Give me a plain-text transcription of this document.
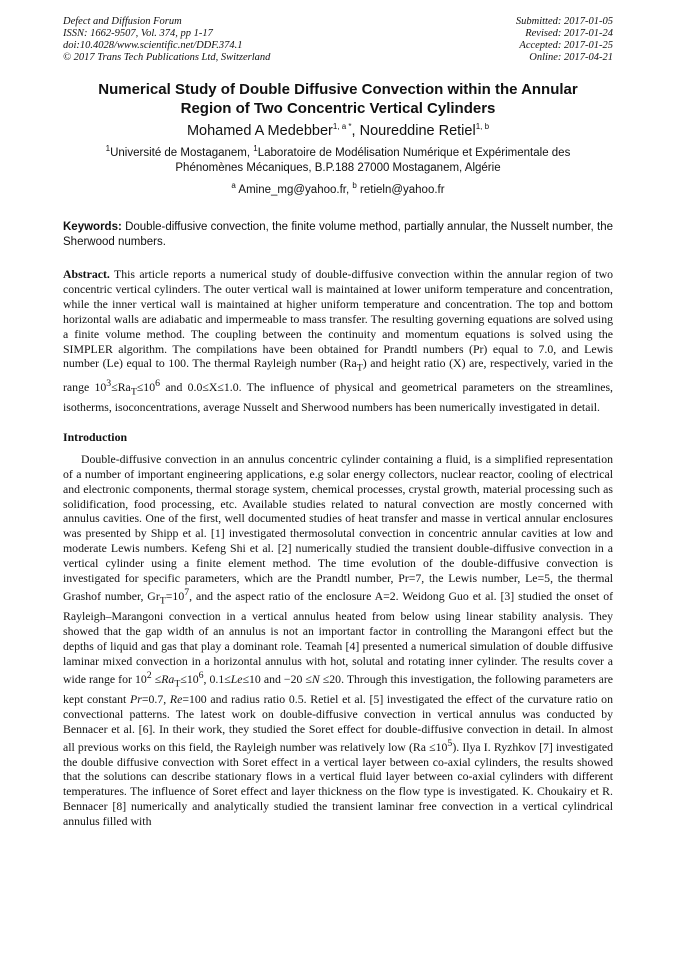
Defect and Diffusion Forum
ISSN: 1662-9507, Vol. 374, pp 1-17
doi:10.4028/www.scientific.net/DDF.374.1
© 2017 Trans Tech Publications Ltd, Switzerland
Submitted: 2017-01-05
Revised: 2017-01-24
Accepted: 2017-01-25
Online: 2017-04-21
Numerical Study of Double Diffusive Convection within the Annular
Region of Two Concentric Vertical Cylinders
Mohamed A Medebber$^{1, a *}$, Noureddine Retiel$^{1, b}$
$^1$Université de Mostaganem, $^1$Laboratoire de Modélisation Numérique et Expérimentale des
Phénomènes Mécaniques, B.P.188 27000 Mostaganem, Algérie
$^a$ Amine_mg@yahoo.fr, $^b$ retieln@yahoo.fr
Keywords: Double-diffusive convection, the finite volume method, partially annular, the Nusselt number, the Sherwood numbers.
Abstract. This article reports a numerical study of double-diffusive convection within the annular region of two concentric vertical cylinders. The outer vertical wall is maintained at lower uniform temperature and concentration, while the inner vertical wall is maintained at higher uniform temperature and concentration. The top and bottom horizontal walls are adiabatic and impermeable to mass transfer. The resulting governing equations are solved using a finite volume method. The coupling between the continuity and momentum equations is solved using the SIMPLER algorithm. The compilations have been obtained for Prandtl numbers (Pr) equal to 7.0, and Lewis number (Le) equal to 100. The thermal Rayleigh number $(Ra_T)$ and height ratio (X) are, respectively, varied in the range $10^3\le Ra_T\le 10^6$ and 0.0≤X≤1.0. The influence of physical and geometrical parameters on the streamlines, isotherms, isoconcentrations, average Nusselt and Sherwood numbers has been numerically investigated in detail.
Introduction
Double-diffusive convection in an annulus concentric cylinder containing a fluid, is a simplified representation of a number of important engineering applications, e.g solar energy collectors, nuclear reactor, cooling of electrical and electronic components, thermal storage system, chemical processes, crystal growth, material processing such as solidification, food processing, etc. Available studies related to natural convection are mostly concerned with annulus cavities. One of the first, well documented studies of heat transfer and masse in vertical annular enclosures was presented by Shipp et al. [1] investigated thermosolutal convection in concentric annular cavities at low and moderate Lewis numbers. Kefeng Shi et al. [2] numerically studied the transient double-diffusive convection in a vertical cylinder using a finite element method. The time evolution of the double-diffusive convection is investigated for specific parameters, which are the Prandtl number, Pr=7, the Lewis number, Le=5, the thermal Grashof number, $Gr_T=10^7$, and the aspect ratio of the enclosure A=2. Weidong Guo et al. [3] studied the onset of Rayleigh–Marangoni convection in a vertical annulus heated from below using linear stability analysis. They showed that the gap width of an annulus is not an important factor in controlling the Marangoni effect but the depths of liquid and gas that play a dominant role. Teamah [4] presented a numerical simulation of double diffusive laminar mixed convection in a horizontal annulus with hot, solutal and rotating inner cylinder. The results cover a wide range for $10^2 \le Ra_T\le 10^6$, 0.1≤Le≤10 and −20 ≤N ≤20. Through this investigation, the following parameters are kept constant Pr=0.7, Re=100 and radius ratio 0.5. Retiel et al. [5] investigated the effect of the curvature ratio on convectional patterns. The latest work on double-diffusive convection in vertical annulus was conducted by Bennacer et al. [6]. In their work, they studied the Soret effect for double-diffusive convection in detail. In almost all previous works on this field, the Rayleigh number was relatively low $(Ra \le 10^5)$. Ilya I. Ryzhkov [7] investigated the double diffusive convection with Soret effect in a vertical layer between co-axial cylinders, the results showed that the solutions can describe stationary flows in a vertical fluid layer between co-axial cylinders with different temperatures. The influence of Soret effect and layer thickness on the flow type is investigated. K. Choukairy et R. Bennacer [8] numerically and analytically studied the transient laminar free convection in a vertical cylindrical annulus filled with
